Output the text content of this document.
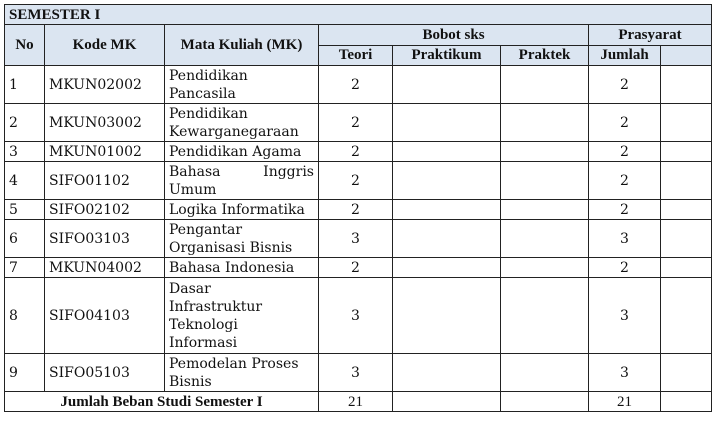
SEMESTER I							
No	Kode MK	Mata Kuliah (MK)	Bobot sks			Prasyarat	
			Teori	Praktikum	Praktek	Jumlah	
1	MKUN02002	Pendidikan Pancasila	2			2	
2	MKUN03002	Pendidikan Kewarganegaraan	2			2	
3	MKUN01002	Pendidikan Agama	2			2	
4	SIFO01102	Bahasa Inggris Umum	2			2	
5	SIFO02102	Logika Informatika	2			2	
6	SIFO03103	Pengantar Organisasi Bisnis	3			3	
7	MKUN04002	Bahasa Indonesia	2			2	
8	SIFO04103	Dasar Infrastruktur Teknologi Informasi	3			3	
9	SIFO05103	Pemodelan Proses Bisnis	3			3	
Jumlah Beban Studi Semester I			21			21	
